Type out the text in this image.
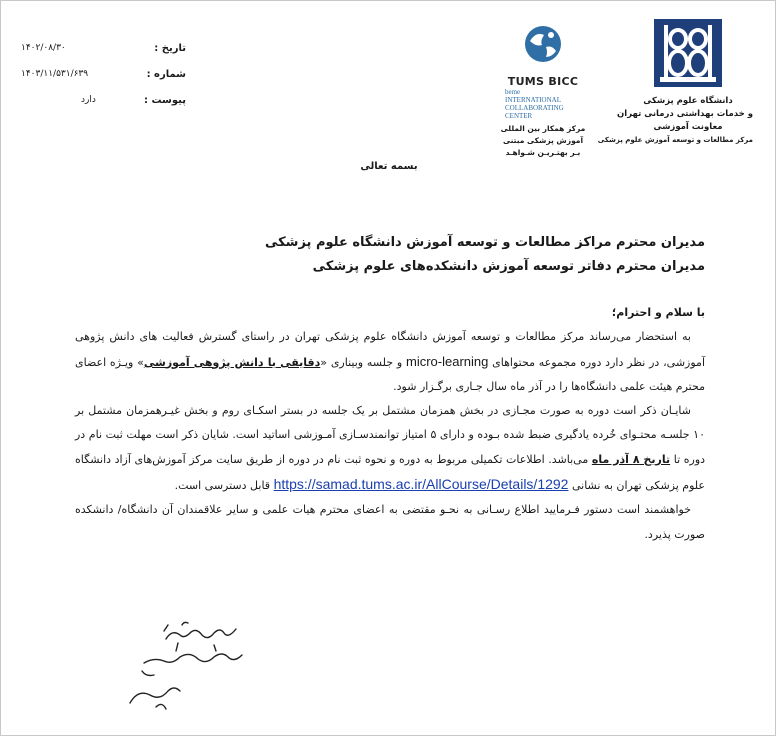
دانشگاه علوم پزشکی
و خدمات بهداشتی درمانی تهران
معاونت آموزشی
مرکز مطالعات و توسعه آموزش علوم پزشکی
TUMS BICC
beme
INTERNATIONAL
COLLABORATING
CENTER
مرکز همکار بین المللی
آموزش پزشکی مبتنی
بـر بهتـریـن شـواهـد
۱۴۰۲/۰۸/۳۰	تاریخ :
۱۴۰۳/۱۱/۵۳۱/۶۳۹	شماره :
دارد	پیوست :
بسمه تعالی
مدیران محترم مراکز مطالعات و توسعه آموزش دانشگاه علوم پزشکی
مدیران محترم دفاتر توسعه آموزش دانشکده‌های علوم پزشکی
با سلام و احترام؛

به استحضار می‌رساند مرکز مطالعات و توسعه آموزش دانشگاه علوم پزشکی تهران در راستای گسترش فعالیت های دانش پژوهی آموزشی، در نظر دارد دوره مجموعه محتواهای micro-learning و جلسه وبیناری «دقایقی با دانش پژوهی آموزشی» ویـژه اعضای محترم هیئت علمی دانشگاه‌ها را در آذر ماه سال جـاری برگـزار شود.

شایـان ذکر است دوره به صورت مجـازی در بخش همزمان مشتمل بر یک جلسه در بستر اسکـای روم و بخش غیـرهمزمان مشتمل بر ۱۰ جلسـه محتـوای خُرده یادگیری ضبط شده بـوده و دارای ۵ امتیاز توانمندسـازی آمـوزشی اساتید است. شایان ذکر است مهلت ثبت نام در دوره تا تاریخ ۸ آذر ماه می‌باشد. اطلاعات تکمیلی مربوط به دوره و نحوه ثبت نام در دوره از طریق سایت مرکز آموزش‌های آزاد دانشگاه علوم پزشکی تهران به نشانی https://samad.tums.ac.ir/AllCourse/Details/1292 قابل دسترسی است.

خواهشمند است دستور فـرمایید اطلاع رسـانی به نحـو مقتضی به اعضای محترم هیات علمی و سایر علاقمندان آن دانشگاه/ دانشکده صورت پذیرد.
